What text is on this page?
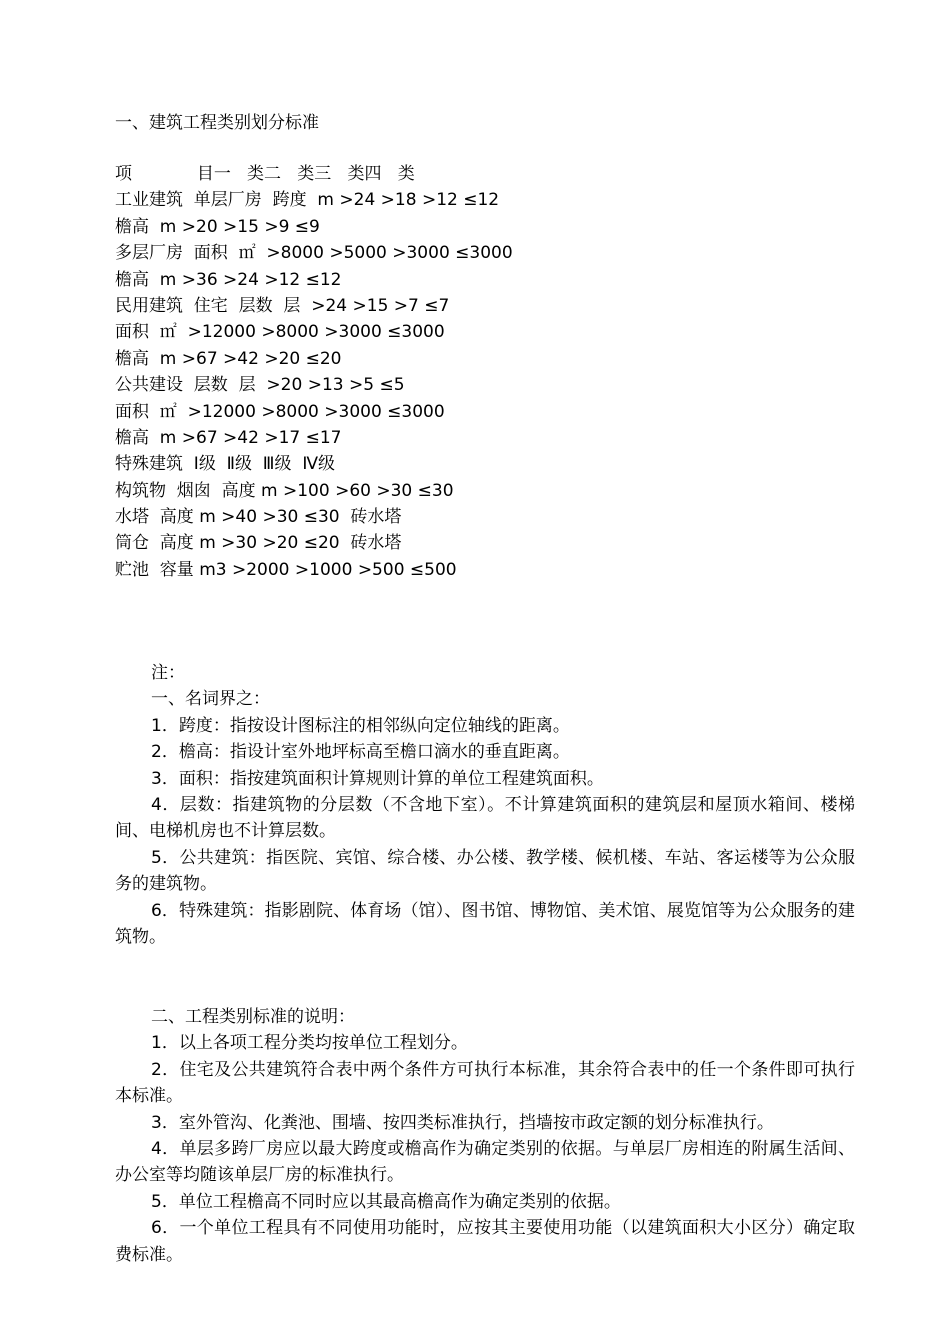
一、建筑工程类别划分标准
项            目一   类二   类三   类四   类
工业建筑  单层厂房  跨度  m >24 >18 >12 ≤12
檐高  m >20 >15 >9 ≤9
多层厂房  面积  ㎡  >8000 >5000 >3000 ≤3000
檐高  m >36 >24 >12 ≤12
民用建筑  住宅  层数  层  >24 >15 >7 ≤7
面积  ㎡  >12000 >8000 >3000 ≤3000
檐高  m >67 >42 >20 ≤20
公共建设  层数  层  >20 >13 >5 ≤5
面积  ㎡  >12000 >8000 >3000 ≤3000
檐高  m >67 >42 >17 ≤17
特殊建筑  Ⅰ级  Ⅱ级  Ⅲ级  Ⅳ级
构筑物  烟囱  高度 m >100 >60 >30 ≤30
水塔  高度 m >40 >30 ≤30  砖水塔
筒仓  高度 m >30 >20 ≤20  砖水塔
贮池  容量 m3 >2000 >1000 >500 ≤500

注：

一、名词界之：

1．跨度：指按设计图标注的相邻纵向定位轴线的距离。

2．檐高：指设计室外地坪标高至檐口滴水的垂直距离。

3．面积：指按建筑面积计算规则计算的单位工程建筑面积。

4．层数：指建筑物的分层数（不含地下室）。不计算建筑面积的建筑层和屋顶水箱间、楼梯间、电梯机房也不计算层数。

5．公共建筑：指医院、宾馆、综合楼、办公楼、教学楼、候机楼、车站、客运楼等为公众服务的建筑物。

6．特殊建筑：指影剧院、体育场（馆）、图书馆、博物馆、美术馆、展览馆等为公众服务的建筑物。

二、工程类别标准的说明：

1．以上各项工程分类均按单位工程划分。

2．住宅及公共建筑符合表中两个条件方可执行本标准，其余符合表中的任一个条件即可执行本标准。

3．室外管沟、化粪池、围墙、按四类标准执行，挡墙按市政定额的划分标准执行。

4．单层多跨厂房应以最大跨度或檐高作为确定类别的依据。与单层厂房相连的附属生活间、办公室等均随该单层厂房的标准执行。

5．单位工程檐高不同时应以其最高檐高作为确定类别的依据。

6．一个单位工程具有不同使用功能时，应按其主要使用功能（以建筑面积大小区分）确定取费标准。
